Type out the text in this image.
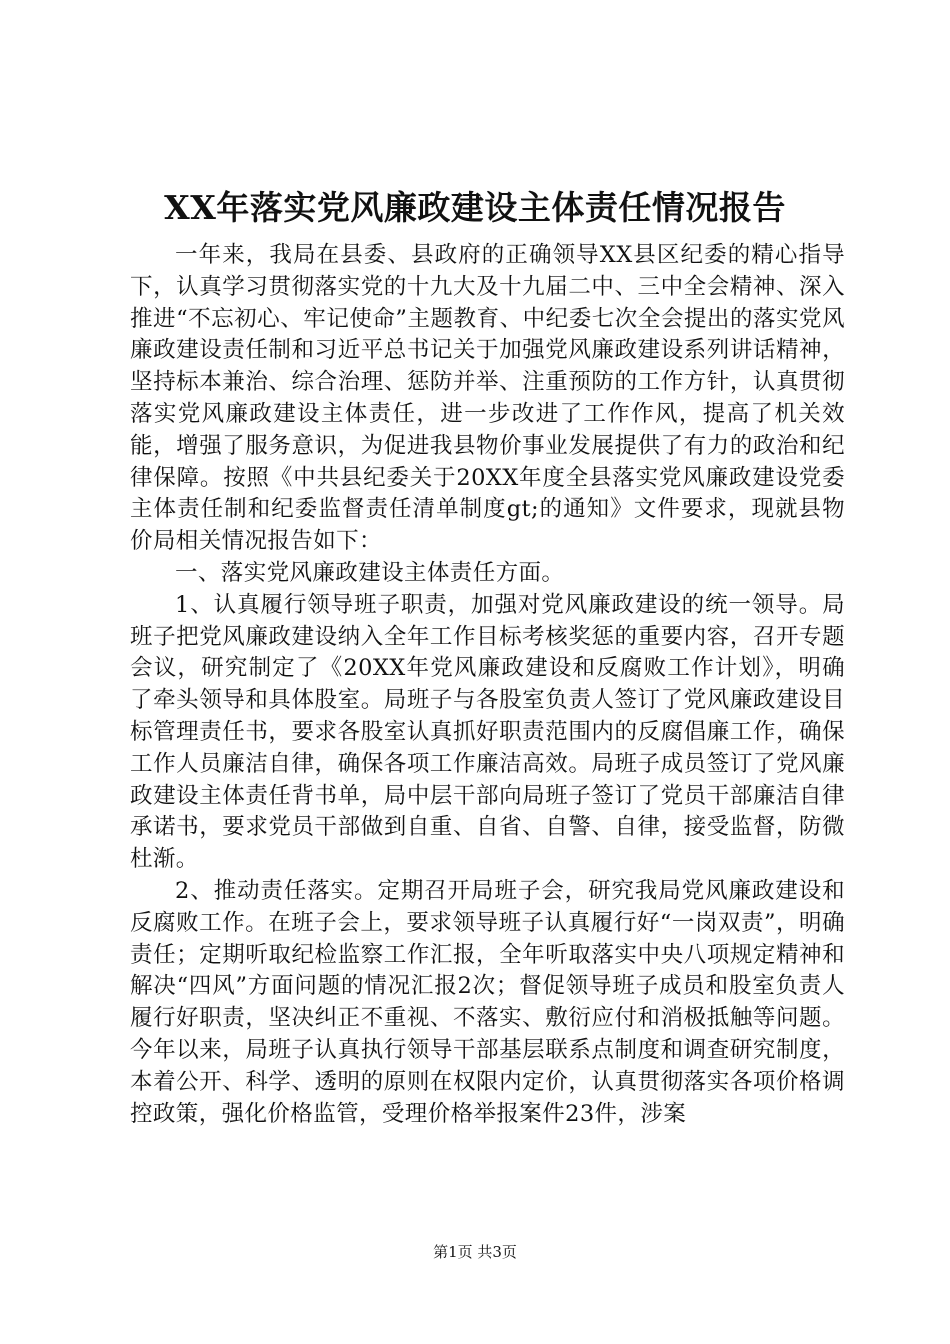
XX年落实党风廉政建设主体责任情况报告

一年来，我局在县委、县政府的正确领导XX县区纪委的精心指导下，认真学习贯彻落实党的十九大及十九届二中、三中全会精神、深入推进“不忘初心、牢记使命”主题教育、中纪委七次全会提出的落实党风廉政建设责任制和习近平总书记关于加强党风廉政建设系列讲话精神，坚持标本兼治、综合治理、惩防并举、注重预防的工作方针，认真贯彻落实党风廉政建设主体责任，进一步改进了工作作风，提高了机关效能，增强了服务意识，为促进我县物价事业发展提供了有力的政治和纪律保障。按照《中共县纪委关于20XX年度全县落实党风廉政建设党委主体责任制和纪委监督责任清单制度gt;的通知》文件要求，现就县物价局相关情况报告如下：

一、落实党风廉政建设主体责任方面。

1、认真履行领导班子职责，加强对党风廉政建设的统一领导。局班子把党风廉政建设纳入全年工作目标考核奖惩的重要内容，召开专题会议，研究制定了《20XX年党风廉政建设和反腐败工作计划》，明确了牵头领导和具体股室。局班子与各股室负责人签订了党风廉政建设目标管理责任书，要求各股室认真抓好职责范围内的反腐倡廉工作，确保工作人员廉洁自律，确保各项工作廉洁高效。局班子成员签订了党风廉政建设主体责任背书单，局中层干部向局班子签订了党员干部廉洁自律承诺书，要求党员干部做到自重、自省、自警、自律，接受监督，防微杜渐。

2、推动责任落实。定期召开局班子会，研究我局党风廉政建设和反腐败工作。在班子会上，要求领导班子认真履行好“一岗双责”，明确责任；定期听取纪检监察工作汇报，全年听取落实中央八项规定精神和解决“四风”方面问题的情况汇报2次；督促领导班子成员和股室负责人履行好职责，坚决纠正不重视、不落实、敷衍应付和消极抵触等问题。今年以来，局班子认真执行领导干部基层联系点制度和调查研究制度，本着公开、科学、透明的原则在权限内定价，认真贯彻落实各项价格调控政策，强化价格监管，受理价格举报案件23件，涉案

第1页 共3页
